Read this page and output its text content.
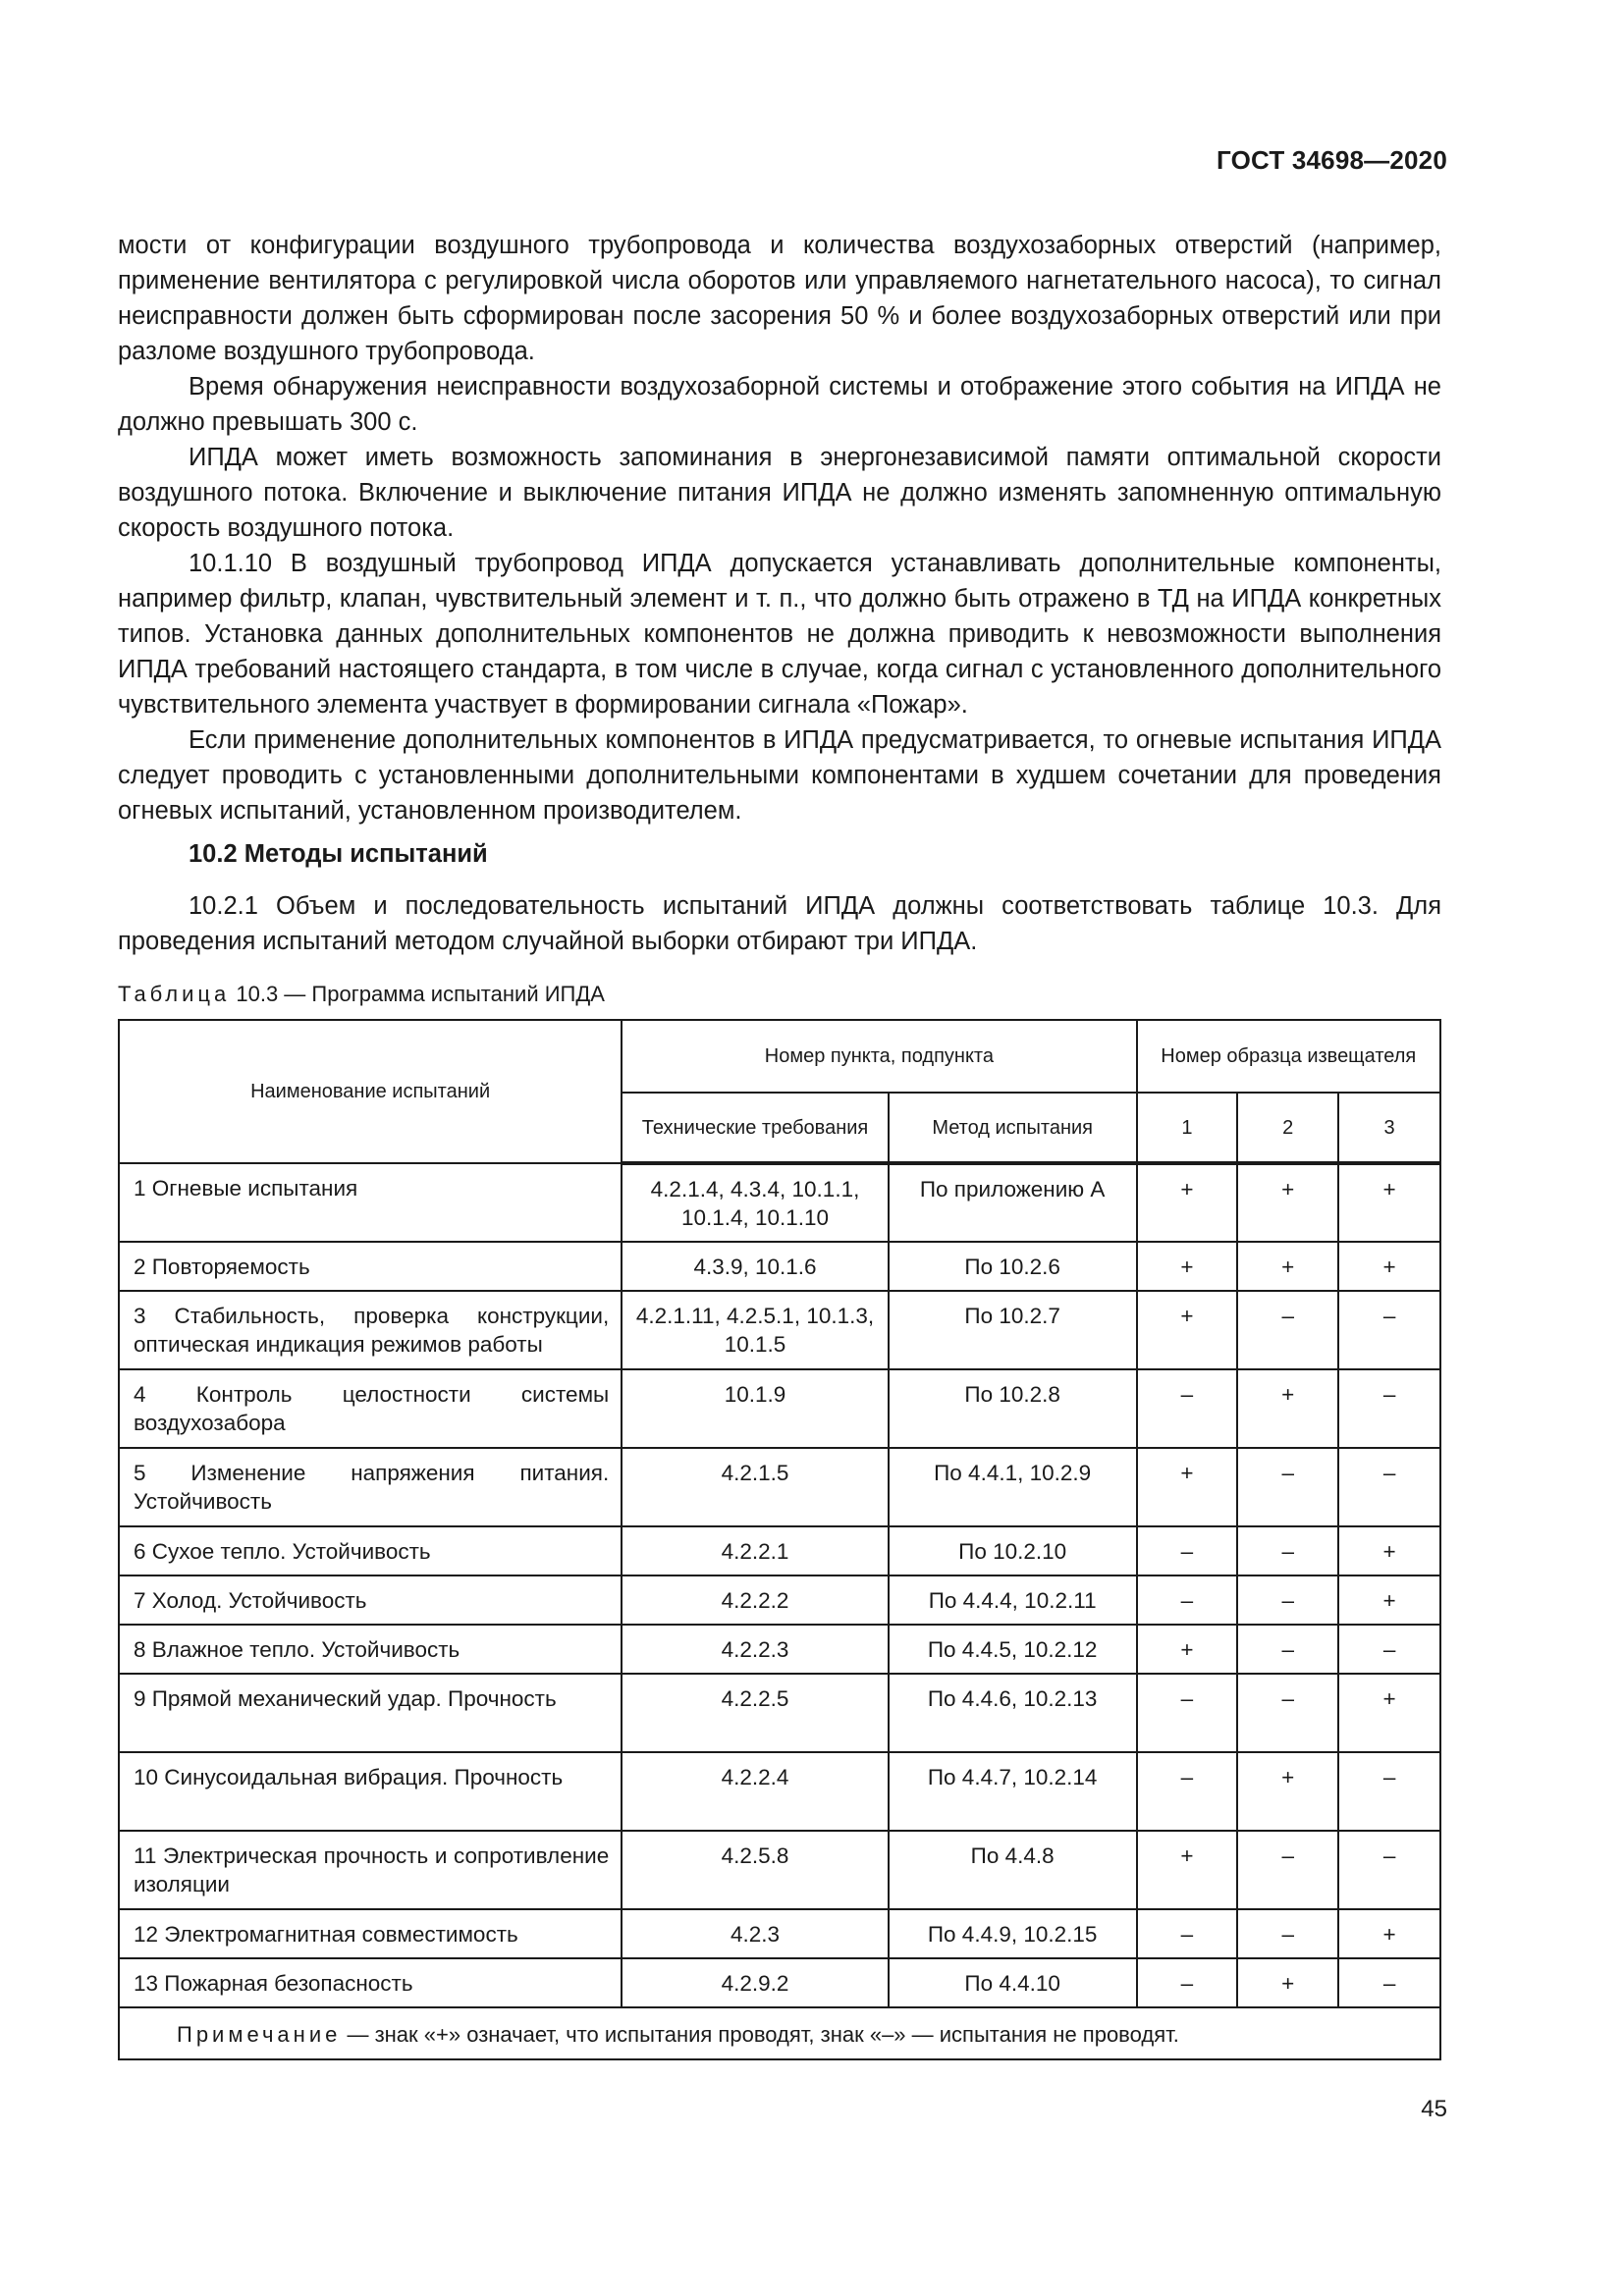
ГОСТ 34698—2020

мости от конфигурации воздушного трубопровода и количества воздухозаборных отверстий (например, применение вентилятора с регулировкой числа оборотов или управляемого нагнетательного насоса), то сигнал неисправности должен быть сформирован после засорения 50 % и более воздухозаборных отверстий или при разломе воздушного трубопровода.

Время обнаружения неисправности воздухозаборной системы и отображение этого события на ИПДА не должно превышать 300 с.

ИПДА может иметь возможность запоминания в энергонезависимой памяти оптимальной скорости воздушного потока. Включение и выключение питания ИПДА не должно изменять запомненную оптимальную скорость воздушного потока.

10.1.10 В воздушный трубопровод ИПДА допускается устанавливать дополнительные компоненты, например фильтр, клапан, чувствительный элемент и т. п., что должно быть отражено в ТД на ИПДА конкретных типов. Установка данных дополнительных компонентов не должна приводить к невозможности выполнения ИПДА требований настоящего стандарта, в том числе в случае, когда сигнал с установленного дополнительного чувствительного элемента участвует в формировании сигнала «Пожар».

Если применение дополнительных компонентов в ИПДА предусматривается, то огневые испытания ИПДА следует проводить с установленными дополнительными компонентами в худшем сочетании для проведения огневых испытаний, установленном производителем.

10.2 Методы испытаний

10.2.1 Объем и последовательность испытаний ИПДА должны соответствовать таблице 10.3. Для проведения испытаний методом случайной выборки отбирают три ИПДА.

Таблица 10.3 — Программа испытаний ИПДА
Наименование испытаний	Номер пункта, подпункта		Номер образца извещателя		
	Технические требования	Метод испытания	1	2	3
1 Огневые испытания	4.2.1.4, 4.3.4, 10.1.1, 10.1.4, 10.1.10	По приложению А	+	+	+
2 Повторяемость	4.3.9, 10.1.6	По 10.2.6	+	+	+
3 Стабильность, проверка конструкции, оптическая индикация режимов работы	4.2.1.11, 4.2.5.1, 10.1.3, 10.1.5	По 10.2.7	+	–	–
4 Контроль целостности системы воздухозабора	10.1.9	По 10.2.8	–	+	–
5 Изменение напряжения питания. Устойчивость	4.2.1.5	По 4.4.1, 10.2.9	+	–	–
6 Сухое тепло. Устойчивость	4.2.2.1	По 10.2.10	–	–	+
7 Холод. Устойчивость	4.2.2.2	По 4.4.4, 10.2.11	–	–	+
8 Влажное тепло. Устойчивость	4.2.2.3	По 4.4.5, 10.2.12	+	–	–
9 Прямой механический удар. Прочность	4.2.2.5	По 4.4.6, 10.2.13	–	–	+
10 Синусоидальная вибрация. Прочность	4.2.2.4	По 4.4.7, 10.2.14	–	+	–
11 Электрическая прочность и сопротивление изоляции	4.2.5.8	По 4.4.8	+	–	–
12 Электромагнитная совместимость	4.2.3	По 4.4.9, 10.2.15	–	–	+
13 Пожарная безопасность	4.2.9.2	По 4.4.10	–	+	–
Примечание — знак «+» означает, что испытания проводят, знак «–» — испытания не проводят.					
45
